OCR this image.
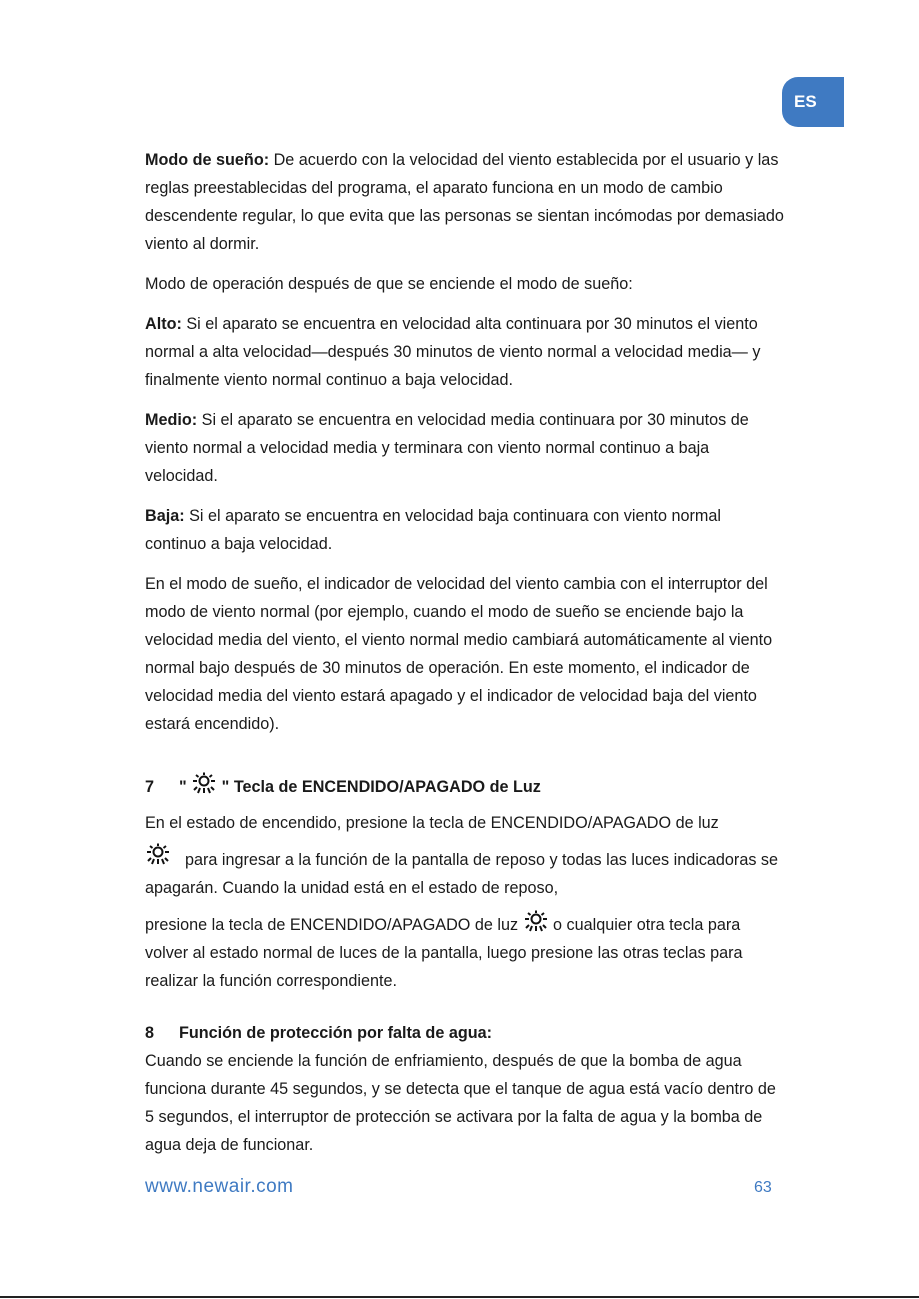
ES

Modo de sueño: De acuerdo con la velocidad del viento establecida por el usuario y las reglas preestablecidas del programa, el aparato funciona en un modo de cambio descendente regular, lo que evita que las personas se sientan incómodas por demasiado viento al dormir.

Modo de operación después de que se enciende el modo de sueño:

Alto: Si el aparato se encuentra en velocidad alta continuara por 30 minutos el viento normal a alta velocidad—después 30 minutos de viento normal a velocidad media— y finalmente viento normal continuo a baja velocidad.

Medio: Si el aparato se encuentra en velocidad media continuara por 30 minutos de viento normal a velocidad media y terminara con viento normal continuo a baja velocidad.

Baja: Si el aparato se encuentra en velocidad baja continuara con viento normal continuo a baja velocidad.

En el modo de sueño, el indicador de velocidad del viento cambia con el interruptor del modo de viento normal (por ejemplo, cuando el modo de sueño se enciende bajo la velocidad media del viento, el viento normal medio cambiará automáticamente al viento normal bajo después de 30 minutos de operación. En este momento, el indicador de velocidad media del viento estará apagado y el indicador de velocidad baja del viento estará encendido).

7 "  " Tecla de ENCENDIDO/APAGADO de Luz

En el estado de encendido, presione la tecla de ENCENDIDO/APAGADO de luz

para ingresar a la función de la pantalla de reposo y todas las luces indicadoras se apagarán. Cuando la unidad está en el estado de reposo,

presione la tecla de ENCENDIDO/APAGADO de luz  o cualquier otra tecla para volver al estado normal de luces de la pantalla, luego presione las otras teclas para realizar la función correspondiente.

8 Función de protección por falta de agua:

Cuando se enciende la función de enfriamiento, después de que la bomba de agua funciona durante 45 segundos, y se detecta que el tanque de agua está vacío dentro de 5 segundos, el interruptor de protección se activara por la falta de agua y la bomba de agua deja de funcionar.

www.newair.com	63
